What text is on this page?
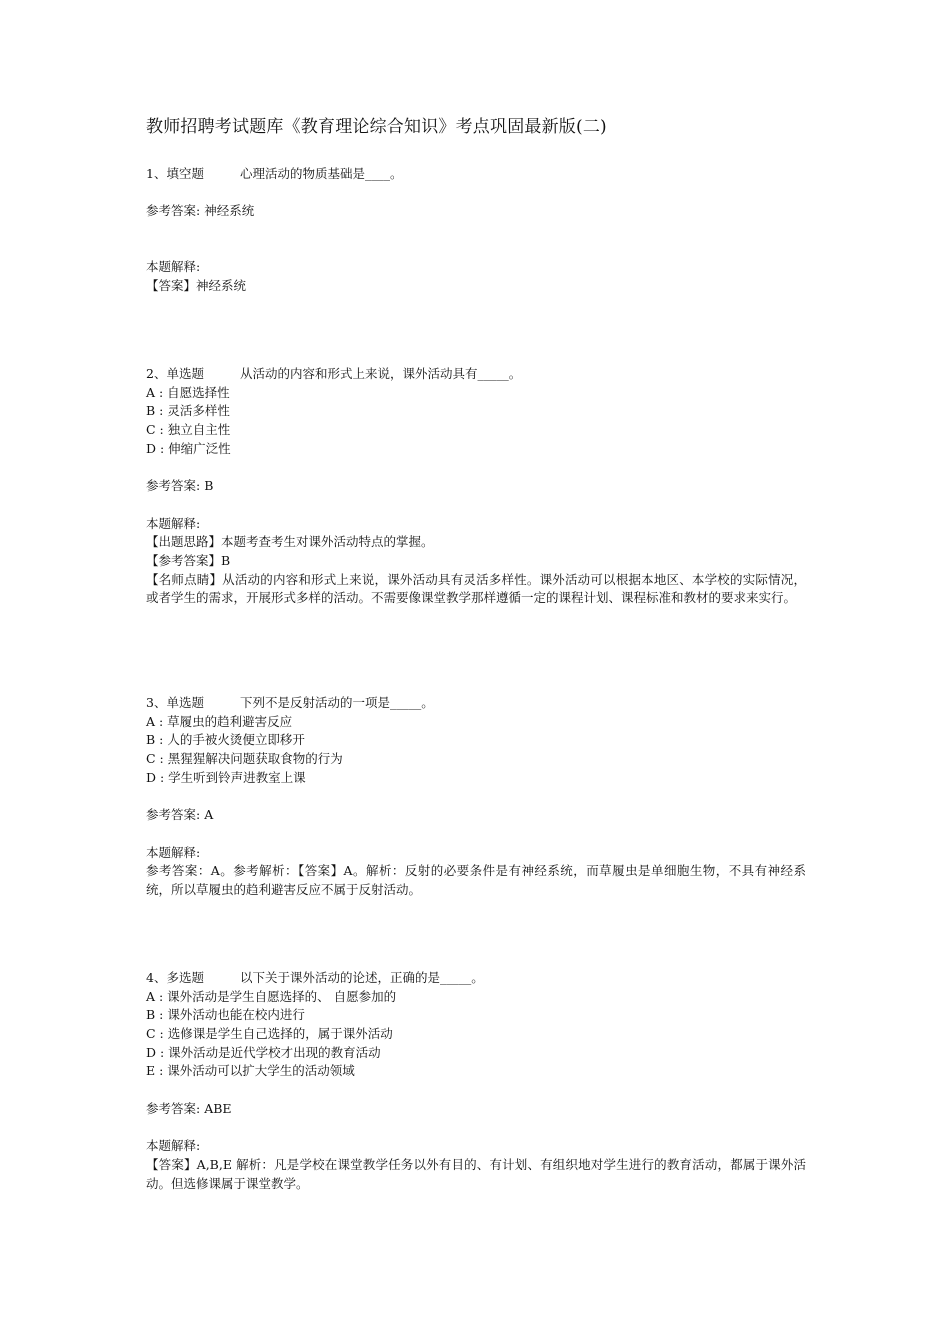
教师招聘考试题库《教育理论综合知识》考点巩固最新版(二)
1、填空题	心理活动的物质基础是____。
参考答案: 神经系统
本题解释:
【答案】神经系统
2、单选题	从活动的内容和形式上来说，课外活动具有_____。
A : 自愿选择性
B : 灵活多样性
C : 独立自主性
D : 伸缩广泛性
参考答案: B
本题解释:
【出题思路】本题考查考生对课外活动特点的掌握。
【参考答案】B
【名师点睛】从活动的内容和形式上来说，课外活动具有灵活多样性。课外活动可以根据本地区、本学校的实际情况，或者学生的需求，开展形式多样的活动。不需要像课堂教学那样遵循一定的课程计划、课程标准和教材的要求来实行。
3、单选题	下列不是反射活动的一项是_____。
A : 草履虫的趋利避害反应
B : 人的手被火烫便立即移开
C : 黑猩猩解决问题获取食物的行为
D : 学生听到铃声进教室上课
参考答案: A
本题解释:
参考答案：A。参考解析：【答案】A。解析：反射的必要条件是有神经系统，而草履虫是单细胞生物，不具有神经系统，所以草履虫的趋利避害反应不属于反射活动。
4、多选题	以下关于课外活动的论述，正确的是_____。
A : 课外活动是学生自愿选择的、 自愿参加的
B : 课外活动也能在校内进行
C : 选修课是学生自己选择的，属于课外活动
D : 课外活动是近代学校才出现的教育活动
E : 课外活动可以扩大学生的活动领域
参考答案: ABE
本题解释:
【答案】A,B,E 解析：凡是学校在课堂教学任务以外有目的、有计划、有组织地对学生进行的教育活动，都属于课外活动。但选修课属于课堂教学。
